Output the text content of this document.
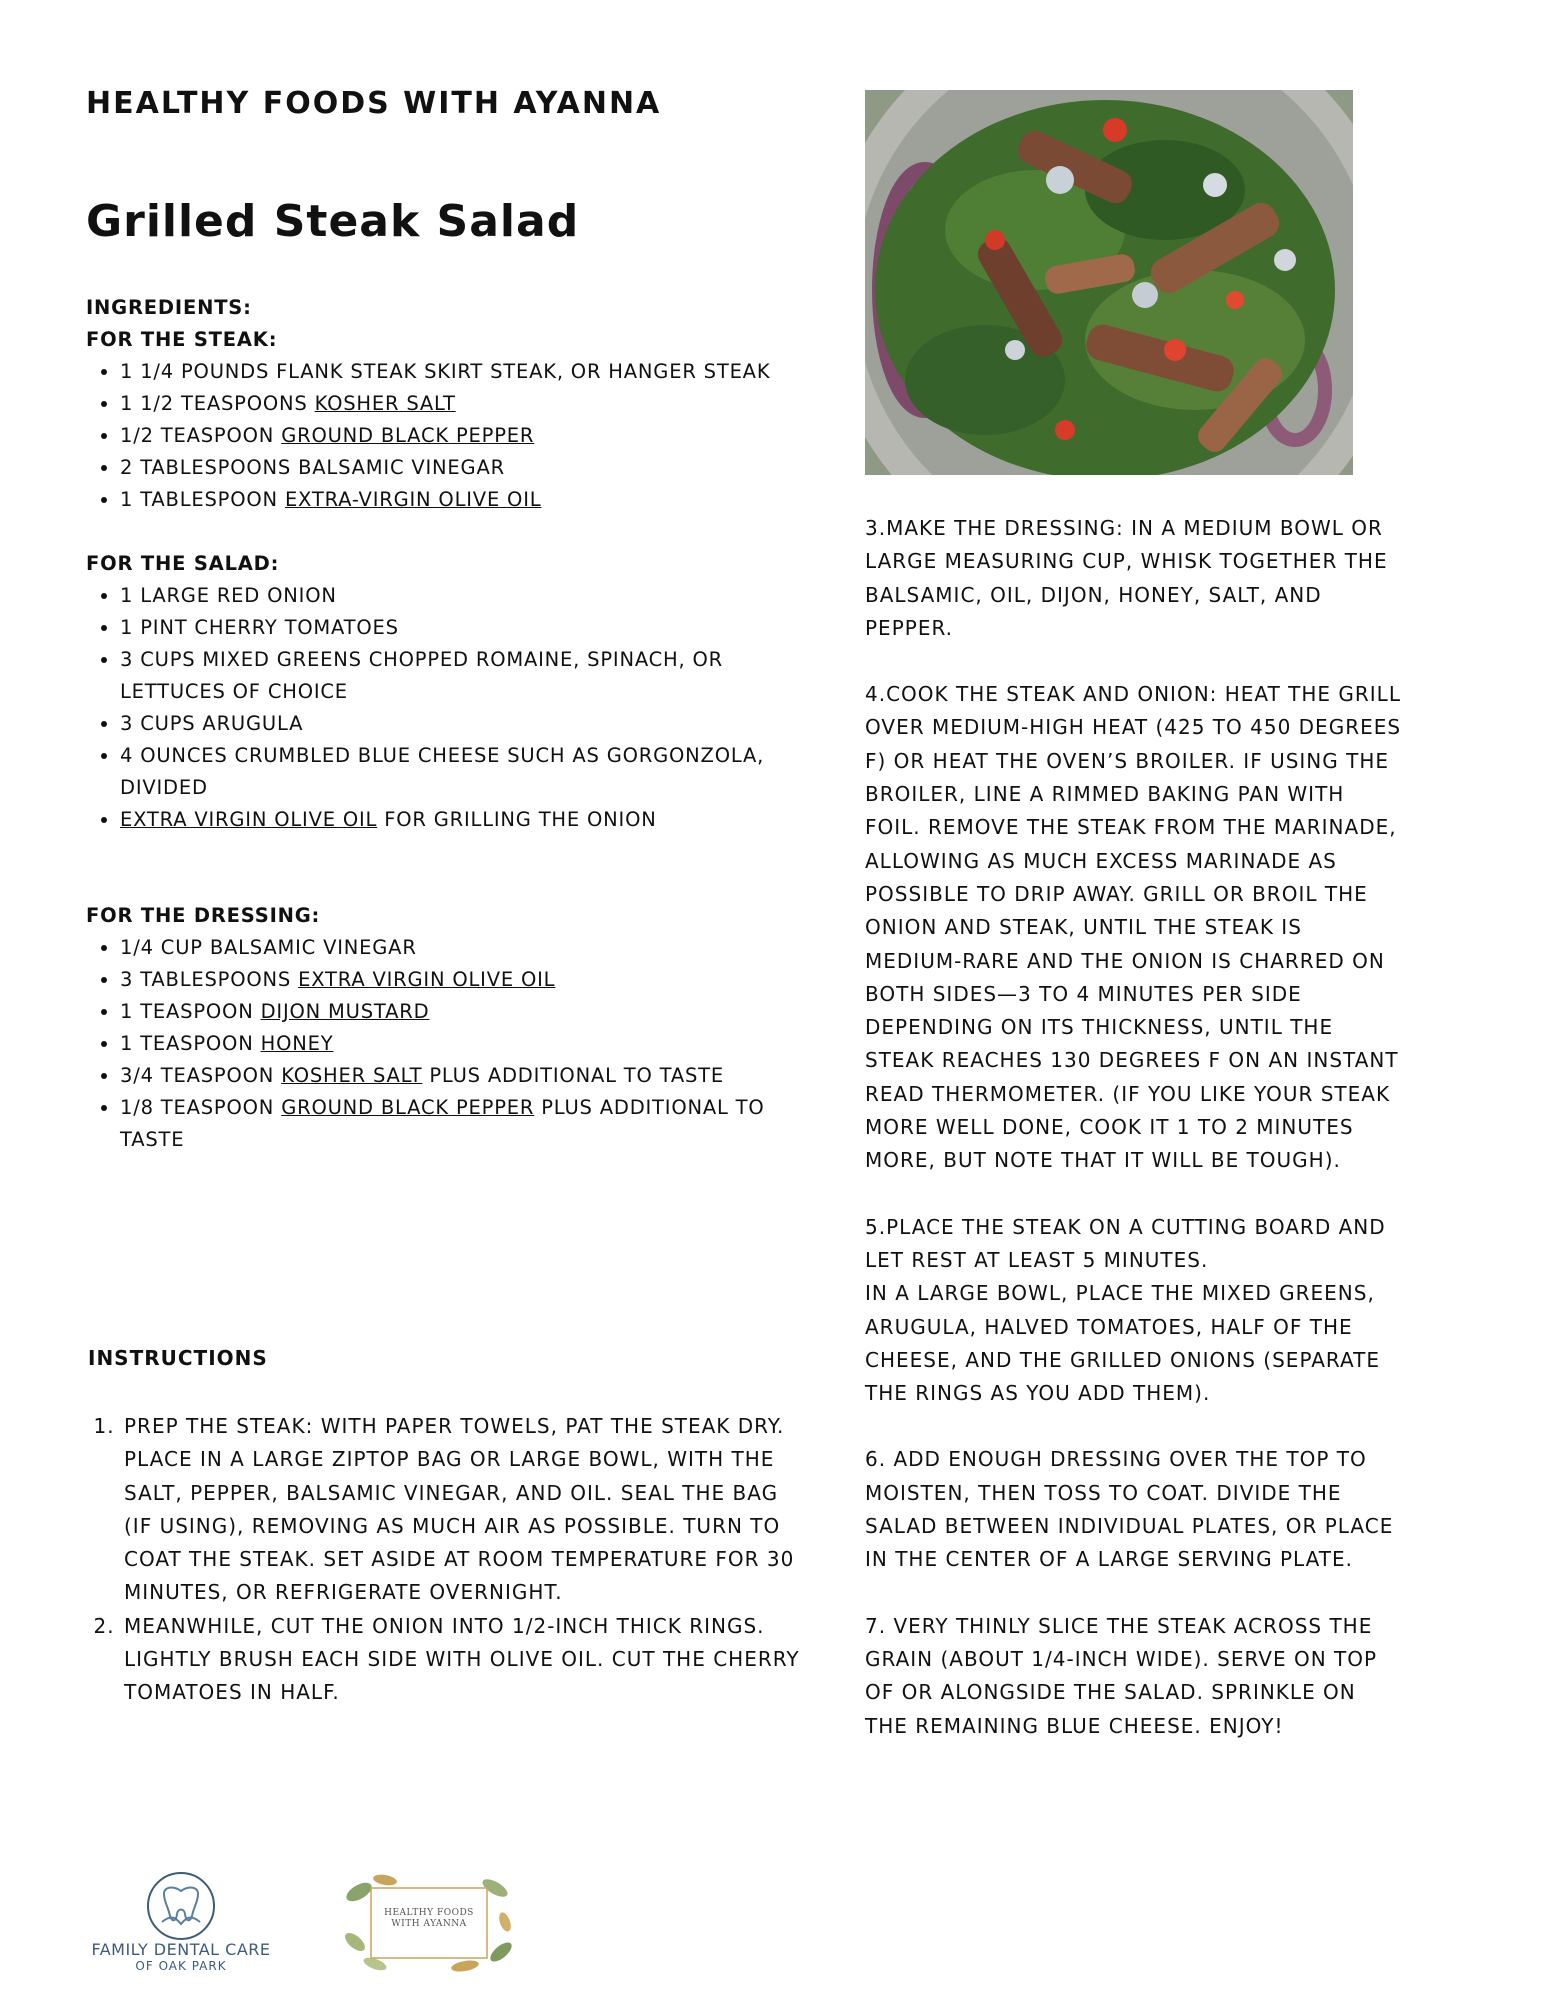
HEALTHY FOODS WITH AYANNA
Grilled Steak Salad

INGREDIENTS:

FOR THE STEAK:

• 1 1/4 POUNDS FLANK STEAK SKIRT STEAK, OR HANGER STEAK
• 1 1/2 TEASPOONS KOSHER SALT
• 1/2 TEASPOON GROUND BLACK PEPPER
• 2 TABLESPOONS BALSAMIC VINEGAR
• 1 TABLESPOON EXTRA-VIRGIN OLIVE OIL

FOR THE SALAD:

• 1 LARGE RED ONION
• 1 PINT CHERRY TOMATOES
• 3 CUPS MIXED GREENS CHOPPED ROMAINE, SPINACH, OR LETTUCES OF CHOICE
• 3 CUPS ARUGULA
• 4 OUNCES CRUMBLED BLUE CHEESE SUCH AS GORGONZOLA, DIVIDED
• EXTRA VIRGIN OLIVE OIL FOR GRILLING THE ONION

FOR THE DRESSING:

• 1/4 CUP BALSAMIC VINEGAR
• 3 TABLESPOONS EXTRA VIRGIN OLIVE OIL
• 1 TEASPOON DIJON MUSTARD
• 1 TEASPOON HONEY
• 3/4 TEASPOON KOSHER SALT PLUS ADDITIONAL TO TASTE
• 1/8 TEASPOON GROUND BLACK PEPPER PLUS ADDITIONAL TO TASTE

INSTRUCTIONS

1. PREP THE STEAK: WITH PAPER TOWELS, PAT THE STEAK DRY. PLACE IN A LARGE ZIPTOP BAG OR LARGE BOWL, WITH THE SALT, PEPPER, BALSAMIC VINEGAR, AND OIL. SEAL THE BAG (IF USING), REMOVING AS MUCH AIR AS POSSIBLE. TURN TO COAT THE STEAK. SET ASIDE AT ROOM TEMPERATURE FOR 30 MINUTES, OR REFRIGERATE OVERNIGHT.
2. MEANWHILE, CUT THE ONION INTO 1/2-INCH THICK RINGS. LIGHTLY BRUSH EACH SIDE WITH OLIVE OIL. CUT THE CHERRY TOMATOES IN HALF.

3.MAKE THE DRESSING: IN A MEDIUM BOWL OR LARGE MEASURING CUP, WHISK TOGETHER THE BALSAMIC, OIL, DIJON, HONEY, SALT, AND PEPPER.

4.COOK THE STEAK AND ONION: HEAT THE GRILL OVER MEDIUM-HIGH HEAT (425 TO 450 DEGREES F) OR HEAT THE OVEN’S BROILER. IF USING THE BROILER, LINE A RIMMED BAKING PAN WITH FOIL. REMOVE THE STEAK FROM THE MARINADE, ALLOWING AS MUCH EXCESS MARINADE AS POSSIBLE TO DRIP AWAY. GRILL OR BROIL THE ONION AND STEAK, UNTIL THE STEAK IS MEDIUM-RARE AND THE ONION IS CHARRED ON BOTH SIDES—3 TO 4 MINUTES PER SIDE DEPENDING ON ITS THICKNESS, UNTIL THE STEAK REACHES 130 DEGREES F ON AN INSTANT READ THERMOMETER. (IF YOU LIKE YOUR STEAK MORE WELL DONE, COOK IT 1 TO 2 MINUTES MORE, BUT NOTE THAT IT WILL BE TOUGH).

5.PLACE THE STEAK ON A CUTTING BOARD AND LET REST AT LEAST 5 MINUTES.
IN A LARGE BOWL, PLACE THE MIXED GREENS, ARUGULA, HALVED TOMATOES, HALF OF THE CHEESE, AND THE GRILLED ONIONS (SEPARATE THE RINGS AS YOU ADD THEM).

6. ADD ENOUGH DRESSING OVER THE TOP TO MOISTEN, THEN TOSS TO COAT. DIVIDE THE SALAD BETWEEN INDIVIDUAL PLATES, OR PLACE IN THE CENTER OF A LARGE SERVING PLATE.

7. VERY THINLY SLICE THE STEAK ACROSS THE GRAIN (ABOUT 1/4-INCH WIDE). SERVE ON TOP OF OR ALONGSIDE THE SALAD. SPRINKLE ON THE REMAINING BLUE CHEESE. ENJOY!

FAMILY DENTAL CARE
OF OAK PARK
HEALTHY FOODS WITH AYANNA
